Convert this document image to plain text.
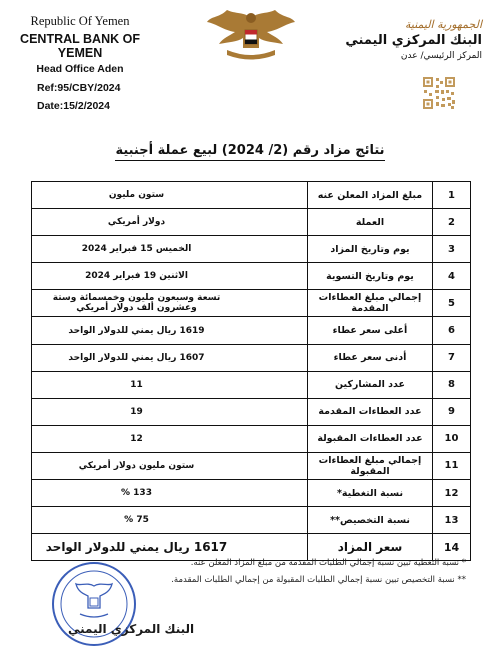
Republic Of Yemen
CENTRAL BANK OF YEMEN
Head Office Aden
Ref:95/CBY/2024
Date:15/2/2024
الجمهورية اليمنية
البنك المركزي اليمني
المركز الرئيسي/ عدن
نتائج مزاد رقم (2/ 2024) لبيع عملة أجنبية
1	مبلغ المزاد المعلن عنه	ستون مليون
2	العملة	دولار أمريكي
3	يوم وتاريخ المزاد	الخميس 15 فبراير 2024
4	يوم وتاريخ التسوية	الاثنين 19 فبراير 2024
5	إجمالي مبلغ العطاءات المقدمة	تسعة وسبعون مليون وخمسمائة وستة وعشرون ألف دولار أمريكي
6	أعلى سعر عطاء	1619 ريال يمني للدولار الواحد
7	أدنى سعر عطاء	1607 ريال يمني للدولار الواحد
8	عدد المشاركين	11
9	عدد العطاءات المقدمة	19
10	عدد العطاءات المقبولة	12
11	إجمالي مبلغ العطاءات المقبولة	ستون مليون دولار أمريكي
12	نسبة التغطية*	133 %
13	نسبة التخصيص**	75 %
14	سعر المزاد	1617 ريال يمني للدولار الواحد
* نسبة التغطية تبين نسبة إجمالي الطلبات المقدمة من مبلغ المزاد المعلن عنه.
** نسبة التخصيص تبين نسبة إجمالي الطلبات المقبولة من إجمالي الطلبات المقدمة.
البنك المركزي اليمني
